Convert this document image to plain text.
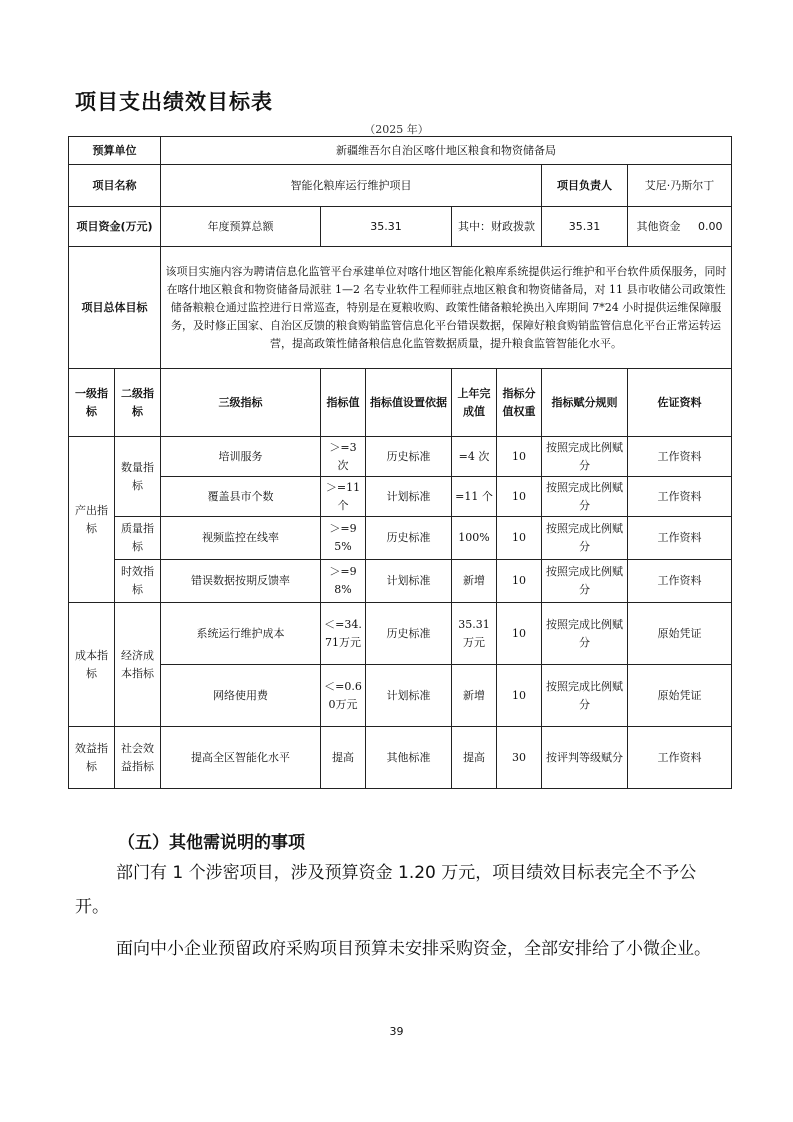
项目支出绩效目标表
（2025 年）
预算单位		新疆维吾尔自治区喀什地区粮食和物资储备局						
项目名称		智能化粮库运行维护项目					项目负责人	艾尼·乃斯尔丁
项目资金(万元)		年度预算总额	35.31		其中：财政拨款		35.31	其他资金 0.00
项目总体目标		该项目实施内容为聘请信息化监管平台承建单位对喀什地区智能化粮库系统提供运行维护和平台软件质保服务，同时在喀什地区粮食和物资储备局派驻 1—2 名专业软件工程师驻点地区粮食和物资储备局，对 11 县市收储公司政策性储备粮粮仓通过监控进行日常巡查，特别是在夏粮收购、政策性储备粮轮换出入库期间 7*24 小时提供运维保障服务，及时修正国家、自治区反馈的粮食购销监管信息化平台错误数据，保障好粮食购销监管信息化平台正常运转运营，提高政策性储备粮信息化监管数据质量，提升粮食监管智能化水平。						
一级指标	二级指标	三级指标	指标值	指标值设置依据	上年完成值	指标分值权重	指标赋分规则	佐证资料
产出指标	数量指标	培训服务	＞=3次	历史标准	=4 次	10	按照完成比例赋分	工作资料
		覆盖县市个数	＞=11个	计划标准	=11 个	10	按照完成比例赋分	工作资料
	质量指标	视频监控在线率	＞=95%	历史标准	100%	10	按照完成比例赋分	工作资料
	时效指标	错误数据按期反馈率	＞=98%	计划标准	新增	10	按照完成比例赋分	工作资料
成本指标	经济成本指标	系统运行维护成本	＜=34.71万元	历史标准	35.31万元	10	按照完成比例赋分	原始凭证
		网络使用费	＜=0.60万元	计划标准	新增	10	按照完成比例赋分	原始凭证
效益指标	社会效益指标	提高全区智能化水平	提高	其他标准	提高	30	按评判等级赋分	工作资料
（五）其他需说明的事项
部门有 1 个涉密项目，涉及预算资金 1.20 万元，项目绩效目标表完全不予公开。
面向中小企业预留政府采购项目预算未安排采购资金，全部安排给了小微企业。
39
